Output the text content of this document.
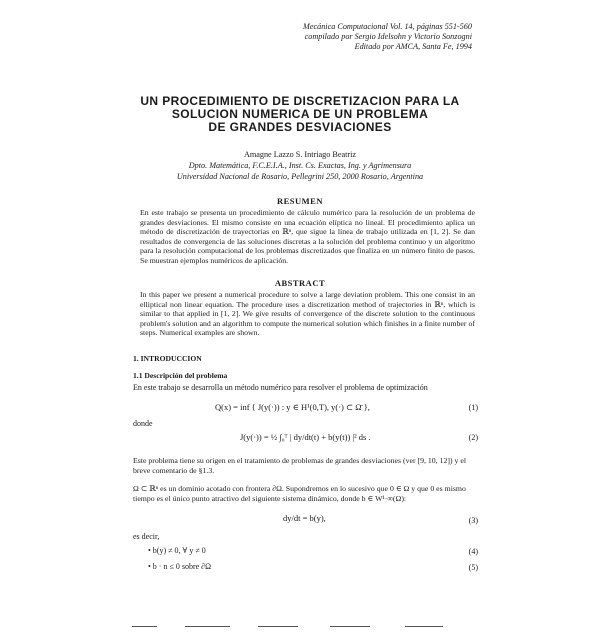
Mecánica Computacional Vol. 14, páginas 551-560
compilado por Sergio Idelsohn y Victorio Sonzogni
Editado por AMCA, Santa Fe, 1994
UN PROCEDIMIENTO DE DISCRETIZACION PARA LA
SOLUCION NUMERICA DE UN PROBLEMA
DE GRANDES DESVIACIONES
Amagne Lazzo S. Intriago Beatriz
Dpto. Matemática, F.C.E.I.A., Inst. Cs. Exactas, Ing. y Agrimensura
Universidad Nacional de Rosario, Pellegrini 250, 2000 Rosario, Argentina
RESUMEN

En este trabajo se presenta un procedimiento de cálculo numérico para la resolución de un problema de grandes desviaciones. El mismo consiste en una ecuación elíptica no lineal. El procedimiento aplica un método de discretización de trayectorias en ℝⁿ, que sigue la línea de trabajo utilizada en [1, 2]. Se dan resultados de convergencia de las soluciones discretas a la solución del problema continuo y un algoritmo para la resolución computacional de los problemas discretizados que finaliza en un número finito de pasos. Se muestran ejemplos numéricos de aplicación.

ABSTRACT

In this paper we present a numerical procedure to solve a large deviation problem. This one consist in an elliptical non linear equation. The procedure uses a discretization method of trajectories in ℝⁿ, which is similar to that applied in [1, 2]. We give results of convergence of the discrete solution to the continuous problem's solution and an algorithm to compute the numerical solution which finishes in a finite number of steps. Numerical examples are shown.

1. INTRODUCCION
1.1 Descripción del problema
En este trabajo se desarrolla un método numérico para resolver el problema de optimización
Q(x) = inf { J(y(·)) : y ∈ H¹(0,T), y(·) ⊂ Ω̄ },	(1)
donde
J(y(·)) = ½ ∫₀ᵀ | dy/dt(t) + b(y(t)) |² ds .	(2)
Este problema tiene su origen en el tratamiento de problemas de grandes desviaciones (ver [9, 10, 12]) y el
breve comentario de §1.3.
Ω ⊂ ℝⁿ es un dominio acotado con frontera ∂Ω. Supondremos en lo sucesivo que 0 ∈ Ω y que 0 es mismo
tiempo es el único punto atractivo del siguiente sistema dinámico, donde b ∈ W¹·∞(Ω):
dy/dt = b(y),	(3)
es decir,
• b(y) ≠ 0, ∀ y ≠ 0	(4)
• b · n ≤ 0 sobre ∂Ω	(5)
